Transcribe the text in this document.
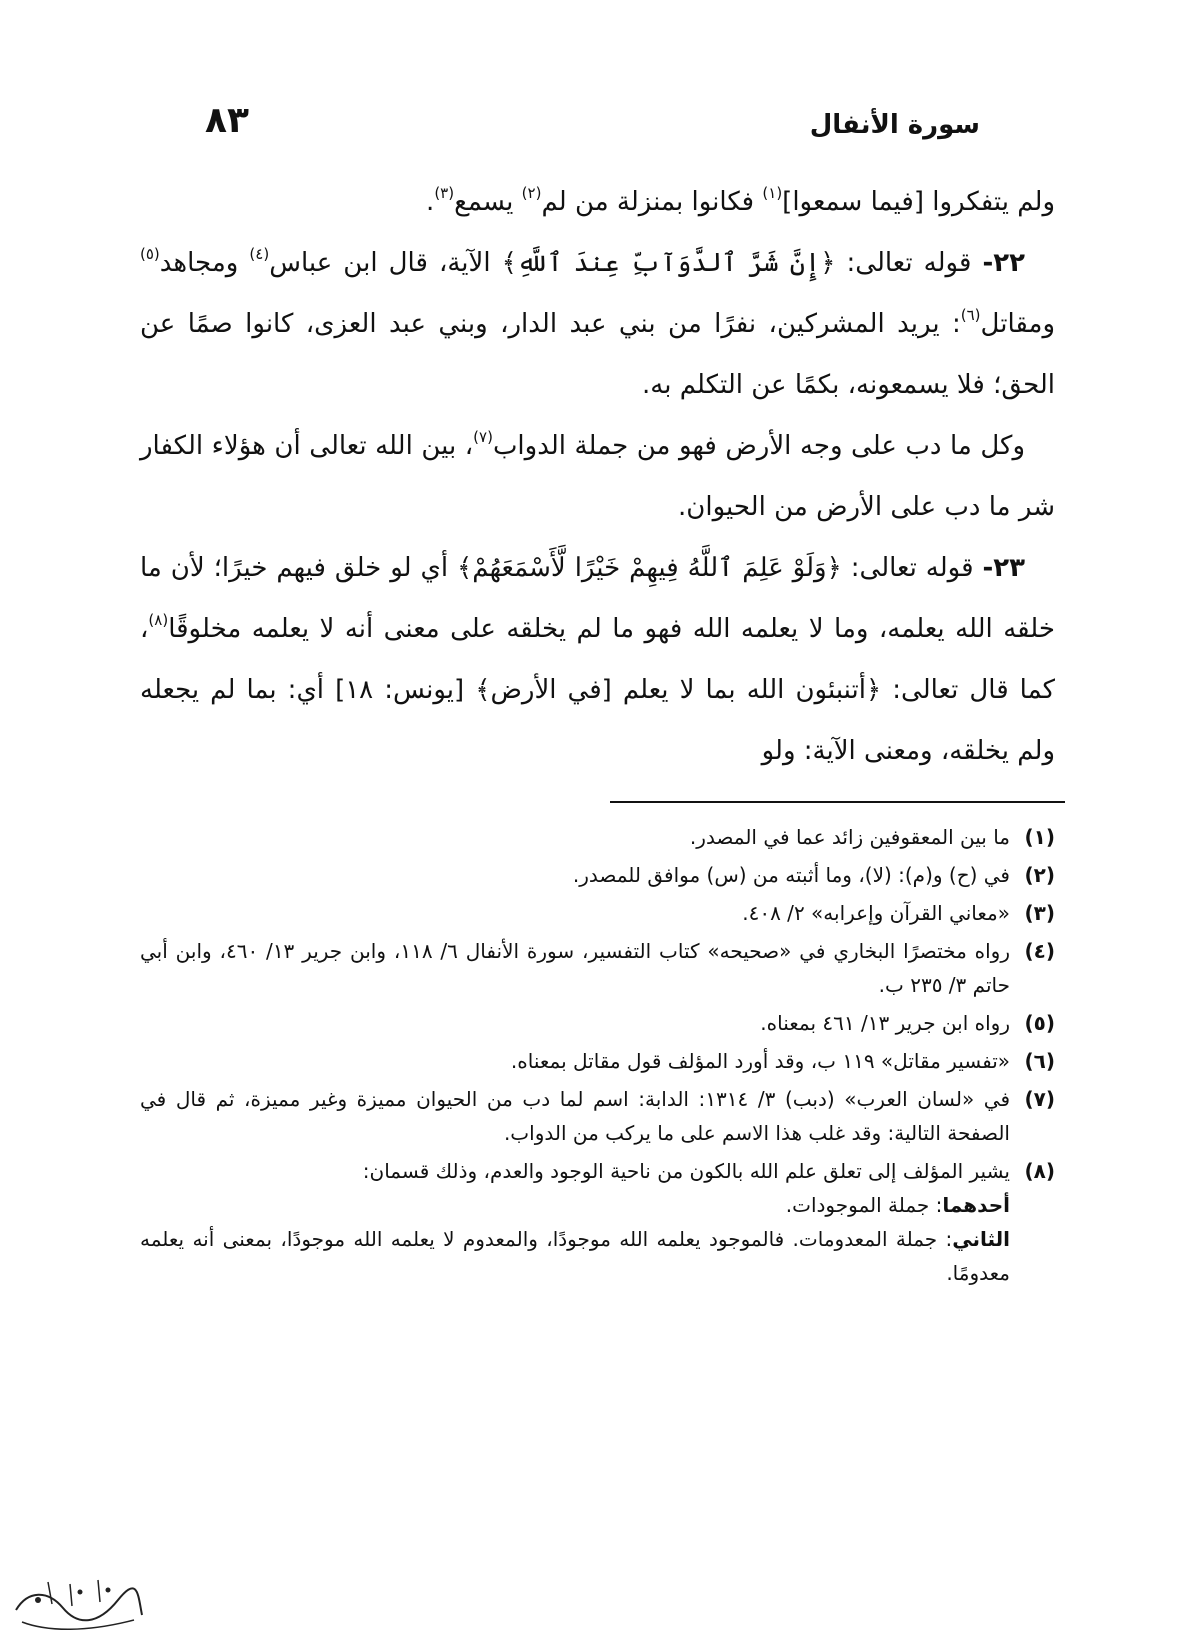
سورة الأنفال
٨٣

ولم يتفكروا [فيما سمعوا]$^{(١)}$ فكانوا بمنزلة من لم$^{(٢)}$ يسمع$^{(٣)}$.

٢٢- قوله تعالى: ﴿إِنَّ شَرَّ ٱلدَّوَآبِّ عِندَ ٱللَّهِ﴾ الآية، قال ابن عباس$^{(٤)}$ ومجاهد$^{(٥)}$ ومقاتل$^{(٦)}$: يريد المشركين، نفرًا من بني عبد الدار، وبني عبد العزى، كانوا صمًا عن الحق؛ فلا يسمعونه، بكمًا عن التكلم به.

وكل ما دب على وجه الأرض فهو من جملة الدواب$^{(٧)}$، بين الله تعالى أن هؤلاء الكفار شر ما دب على الأرض من الحيوان.

٢٣- قوله تعالى: ﴿وَلَوْ عَلِمَ ٱللَّهُ فِيهِمْ خَيْرًا لَّأَسْمَعَهُمْ﴾ أي لو خلق فيهم خيرًا؛ لأن ما خلقه الله يعلمه، وما لا يعلمه الله فهو ما لم يخلقه على معنى أنه لا يعلمه مخلوقًا$^{(٨)}$، كما قال تعالى: ﴿أتنبئون الله بما لا يعلم [في الأرض﴾ [يونس: ١٨] أي: بما لم يجعله ولم يخلقه، ومعنى الآية: ولو

(١)
ما بين المعقوفين زائد عما في المصدر.
(٢)
في (ح) و(م): (لا)، وما أثبته من (س) موافق للمصدر.
(٣)
«معاني القرآن وإعرابه» ٢/ ٤٠٨.
(٤)
رواه مختصرًا البخاري في «صحيحه» كتاب التفسير، سورة الأنفال ٦/ ١١٨، وابن جرير ١٣/ ٤٦٠، وابن أبي حاتم ٣/ ٢٣٥ ب.
(٥)
رواه ابن جرير ١٣/ ٤٦١ بمعناه.
(٦)
«تفسير مقاتل» ١١٩ ب، وقد أورد المؤلف قول مقاتل بمعناه.
(٧)
في «لسان العرب» (دبب) ٣/ ١٣١٤: الدابة: اسم لما دب من الحيوان مميزة وغير مميزة، ثم قال في الصفحة التالية: وقد غلب هذا الاسم على ما يركب من الدواب.
(٨)

يشير المؤلف إلى تعلق علم الله بالكون من ناحية الوجود والعدم، وذلك قسمان:

أحدهما: جملة الموجودات.

الثاني: جملة المعدومات. فالموجود يعلمه الله موجودًا، والمعدوم لا يعلمه الله موجودًا، بمعنى أنه يعلمه معدومًا.
